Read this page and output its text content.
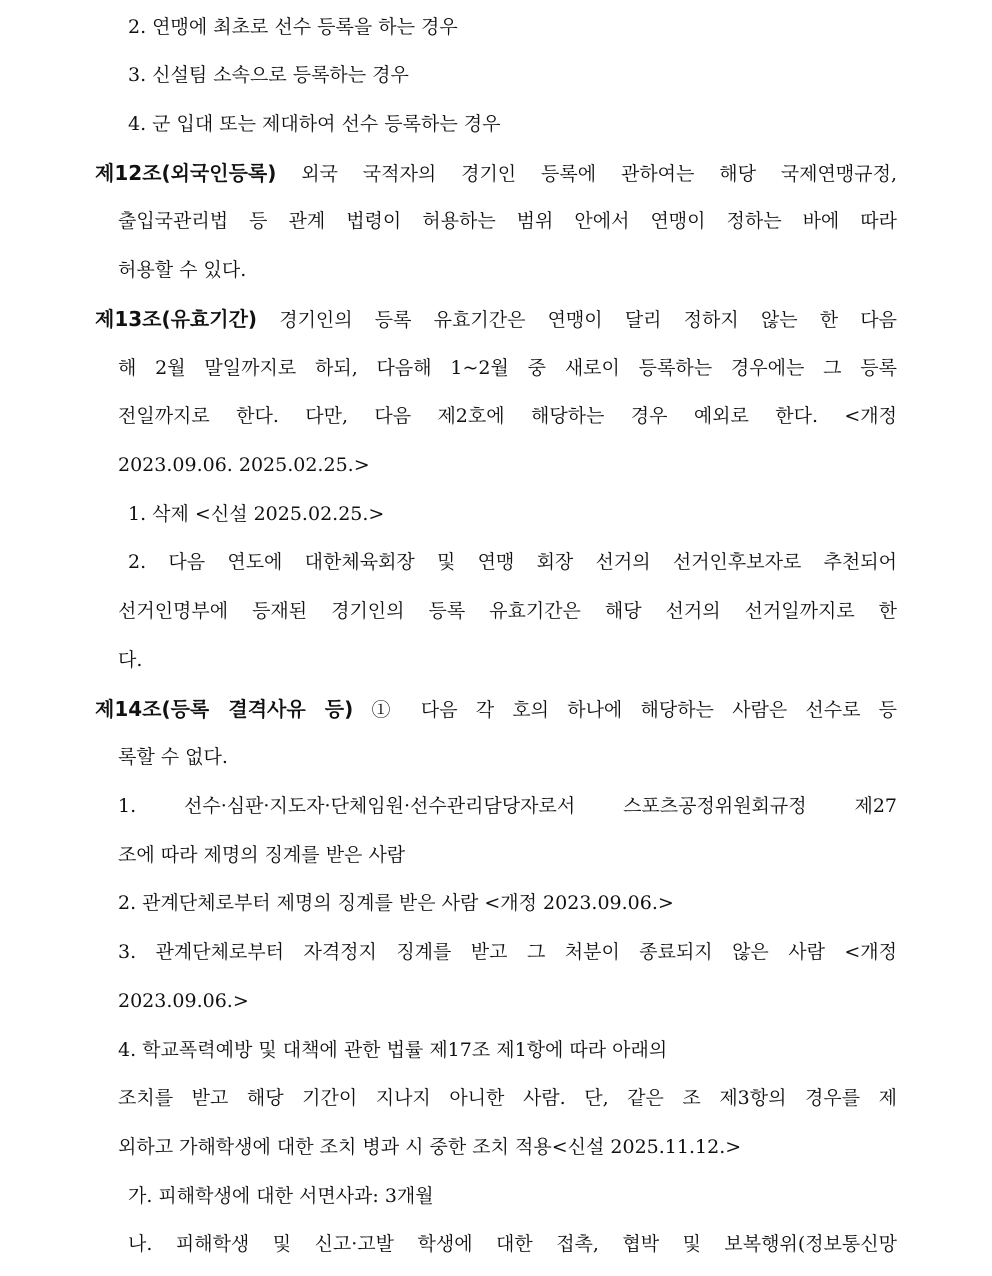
2. 연맹에 최초로 선수 등록을 하는 경우
3. 신설팀 소속으로 등록하는 경우
4. 군 입대 또는 제대하여 선수 등록하는 경우
제12조(외국인등록) 외국 국적자의 경기인 등록에 관하여는 해당 국제연맹규정,
출입국관리법 등 관계 법령이 허용하는 범위 안에서 연맹이 정하는 바에 따라
허용할 수 있다.
제13조(유효기간) 경기인의 등록 유효기간은 연맹이 달리 정하지 않는 한 다음
해 2월 말일까지로 하되, 다음해 1~2월 중 새로이 등록하는 경우에는 그 등록
전일까지로 한다. 다만, 다음 제2호에 해당하는 경우 예외로 한다. <개정
2023.09.06. 2025.02.25.>
1. 삭제 <신설 2025.02.25.>
2. 다음 연도에 대한체육회장 및 연맹 회장 선거의 선거인후보자로 추천되어
선거인명부에 등재된 경기인의 등록 유효기간은 해당 선거의 선거일까지로 한
다.
제14조(등록 결격사유 등) ① 다음 각 호의 하나에 해당하는 사람은 선수로 등
록할 수 없다.
1. 선수·심판·지도자·단체임원·선수관리담당자로서 스포츠공정위원회규정 제27
조에 따라 제명의 징계를 받은 사람
2. 관계단체로부터 제명의 징계를 받은 사람 <개정 2023.09.06.>
3. 관계단체로부터 자격정지 징계를 받고 그 처분이 종료되지 않은 사람 <개정
2023.09.06.>
4. 학교폭력예방 및 대책에 관한 법률 제17조 제1항에 따라 아래의
조치를 받고 해당 기간이 지나지 아니한 사람. 단, 같은 조 제3항의 경우를 제
외하고 가해학생에 대한 조치 병과 시 중한 조치 적용<신설 2025.11.12.>
가. 피해학생에 대한 서면사과: 3개월
나. 피해학생 및 신고·고발 학생에 대한 접촉, 협박 및 보복행위(정보통신망
